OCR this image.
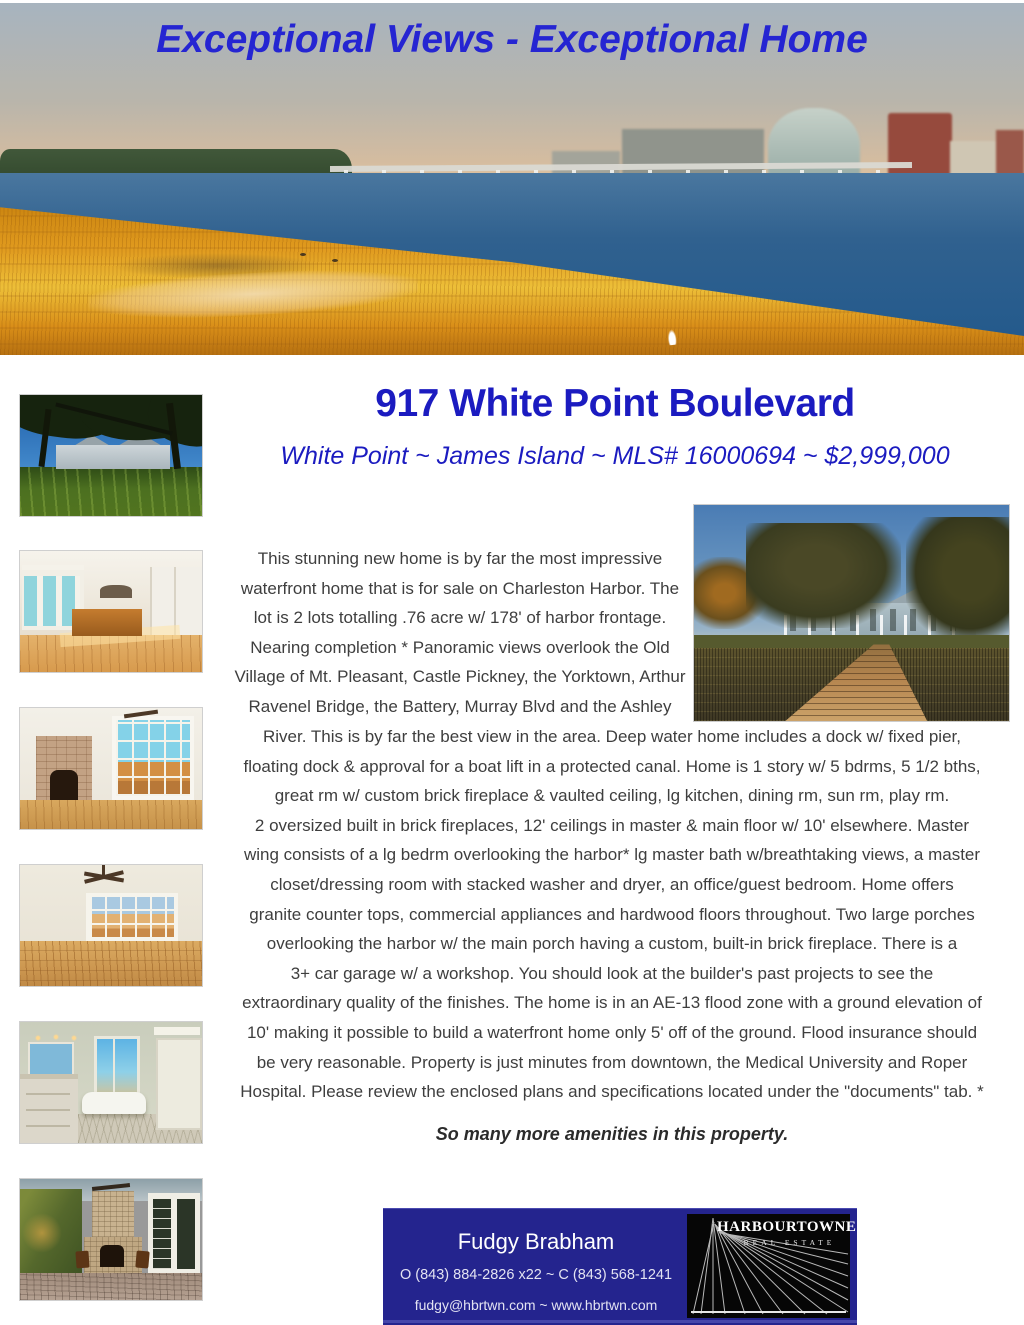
Exceptional Views - Exceptional Home
917 White Point Boulevard
White Point ~ James Island ~ MLS# 16000694 ~ $2,999,000
This stunning new home is by far the most impressive
waterfront home that is for sale on Charleston Harbor. The
lot is 2 lots totalling .76 acre w/ 178' of harbor frontage.
Nearing completion * Panoramic views overlook the Old
Village of Mt. Pleasant, Castle Pickney, the Yorktown, Arthur
Ravenel Bridge, the Battery, Murray Blvd and the Ashley
River. This is by far the best view in the area. Deep water home includes a dock w/ fixed pier,
floating dock & approval for a boat lift in a protected canal. Home is 1 story w/ 5 bdrms, 5 1/2 bths,
great rm w/ custom brick fireplace & vaulted ceiling, lg kitchen, dining rm, sun rm, play rm.
2 oversized built in brick fireplaces, 12' ceilings in master & main floor w/ 10' elsewhere. Master
wing consists of a lg bedrm overlooking the harbor* lg master bath w/breathtaking views, a master
closet/dressing room with stacked washer and dryer, an office/guest bedroom. Home offers
granite counter tops, commercial appliances and hardwood floors throughout. Two large porches
overlooking the harbor w/ the main porch having a custom, built-in brick fireplace. There is a
3+ car garage w/ a workshop. You should look at the builder's past projects to see the
extraordinary quality of the finishes. The home is in an AE-13 flood zone with a ground elevation of
10' making it possible to build a waterfront home only 5' off of the ground. Flood insurance should
be very reasonable. Property is just minutes from downtown, the Medical University and Roper
Hospital. Please review the enclosed plans and specifications located under the "documents" tab. *
So many more amenities in this property.
Fudgy Brabham
O (843) 884-2826 x22 ~ C (843) 568-1241
fudgy@hbrtwn.com ~ www.hbrtwn.com
HARBOURTOWNE
REAL ESTATE
